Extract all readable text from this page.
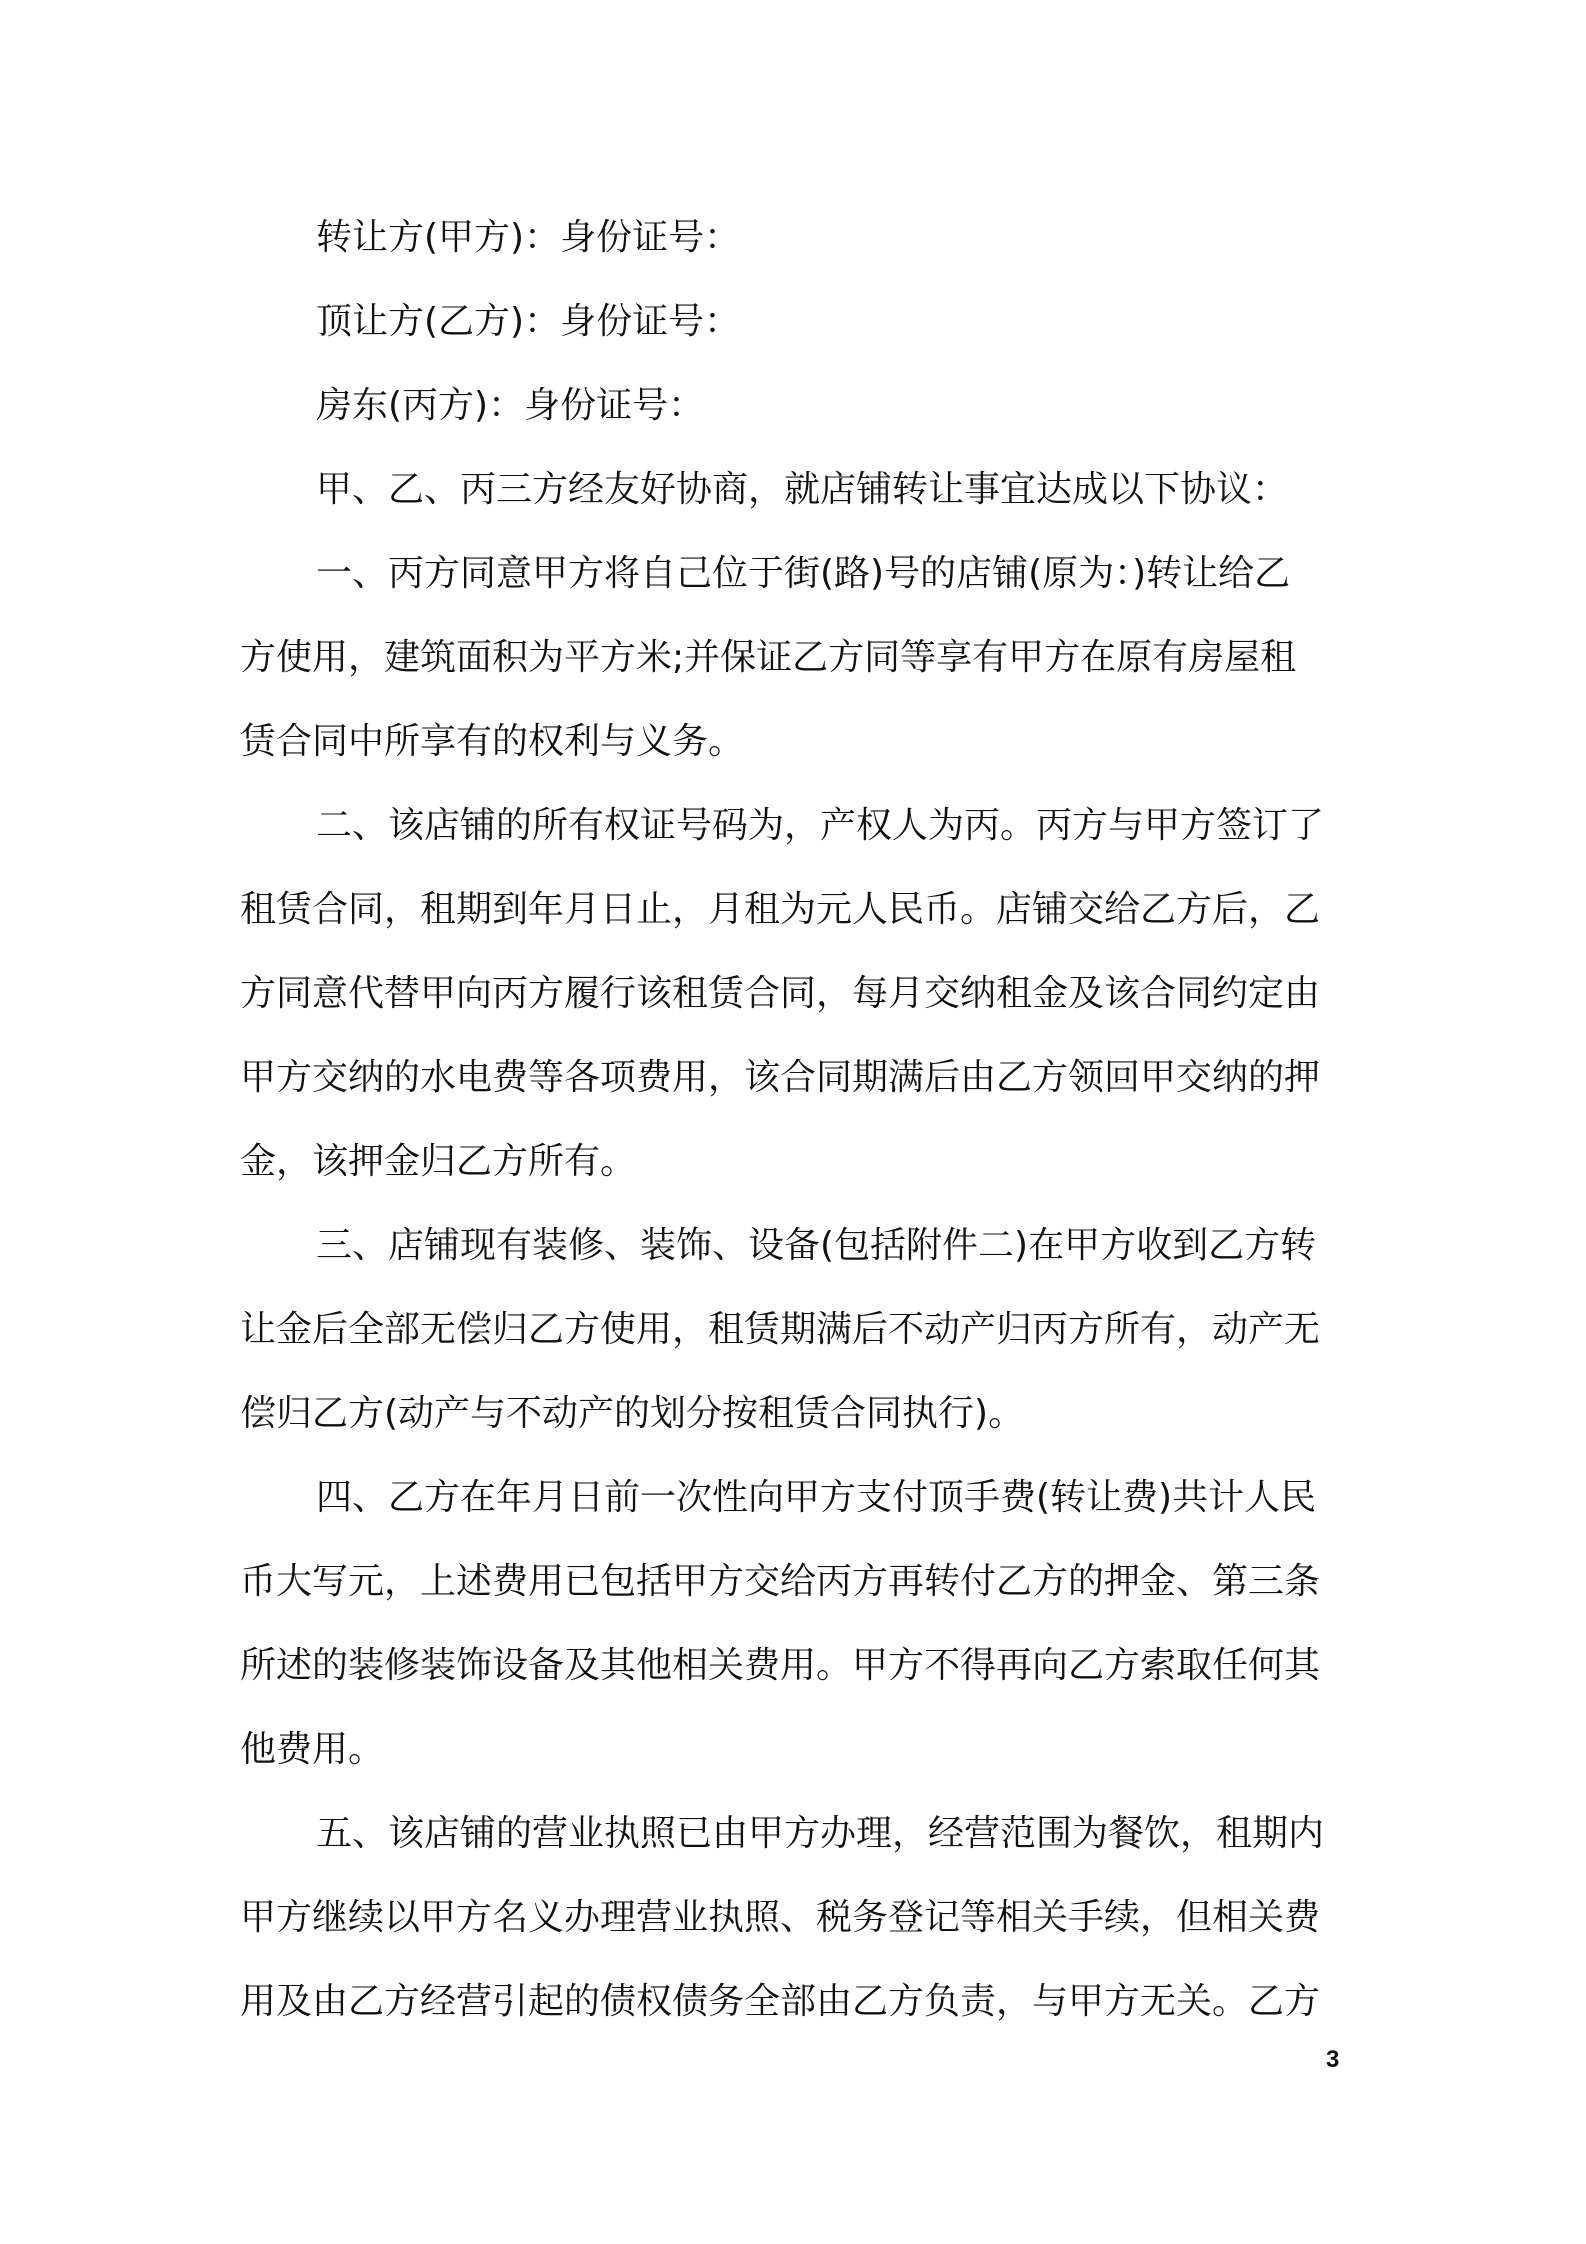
转让方(甲方)：身份证号：
顶让方(乙方)：身份证号：
房东(丙方)：身份证号：
甲、乙、丙三方经友好协商，就店铺转让事宜达成以下协议：
一、丙方同意甲方将自己位于街(路)号的店铺(原为：)转让给乙
方使用，建筑面积为平方米;并保证乙方同等享有甲方在原有房屋租
赁合同中所享有的权利与义务。
二、该店铺的所有权证号码为，产权人为丙。丙方与甲方签订了
租赁合同，租期到年月日止，月租为元人民币。店铺交给乙方后，乙
方同意代替甲向丙方履行该租赁合同，每月交纳租金及该合同约定由
甲方交纳的水电费等各项费用，该合同期满后由乙方领回甲交纳的押
金，该押金归乙方所有。
三、店铺现有装修、装饰、设备(包括附件二)在甲方收到乙方转
让金后全部无偿归乙方使用，租赁期满后不动产归丙方所有，动产无
偿归乙方(动产与不动产的划分按租赁合同执行)。
四、乙方在年月日前一次性向甲方支付顶手费(转让费)共计人民
币大写元，上述费用已包括甲方交给丙方再转付乙方的押金、第三条
所述的装修装饰设备及其他相关费用。甲方不得再向乙方索取任何其
他费用。
五、该店铺的营业执照已由甲方办理，经营范围为餐饮，租期内
甲方继续以甲方名义办理营业执照、税务登记等相关手续，但相关费
用及由乙方经营引起的债权债务全部由乙方负责，与甲方无关。乙方
3
